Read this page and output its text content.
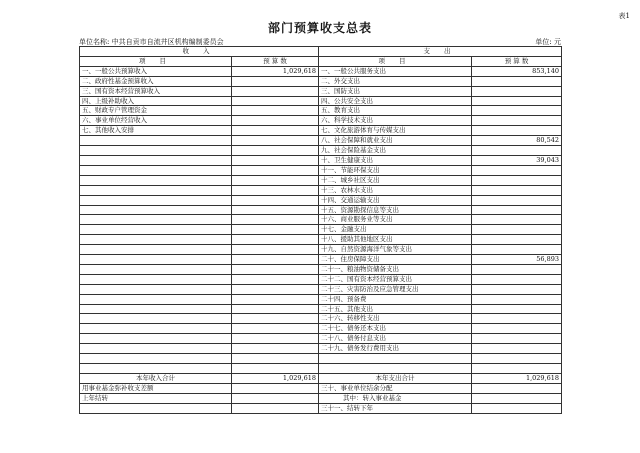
表1
部门预算收支总表
单位名称: 中共自贡市自流井区机构编制委员会	单位: 元
收 入		支 出	
项 目	预 算 数	项 目	预 算 数
一、一般公共预算收入	1,029,618	一、一般公共服务支出	853,140
二、政府性基金预算收入		二、外交支出	
三、国有资本经营预算收入		三、国防支出	
四、上级补助收入		四、公共安全支出	
五、财政专户管理资金		五、教育支出	
六、事业单位经营收入		六、科学技术支出	
七、其他收入安排		七、文化旅游体育与传媒支出	
		八、社会保障和就业支出	80,542
		九、社会保险基金支出	
		十、卫生健康支出	39,043
		十一、节能环保支出	
		十二、城乡社区支出	
		十三、农林水支出	
		十四、交通运输支出	
		十五、资源勘探信息等支出	
		十六、商业服务业等支出	
		十七、金融支出	
		十八、援助其他地区支出	
		十九、自然资源海洋气象等支出	
		二十、住房保障支出	56,893
		二十一、粮油物资储备支出	
		二十二、国有资本经营预算支出	
		二十三、灾害防治及应急管理支出	
		二十四、预备费	
		二十五、其他支出	
		二十六、转移性支出	
		二十七、债务还本支出	
		二十八、债务付息支出	
		二十九、债务发行费用支出	

本年收入合计	1,029,618	本年支出合计	1,029,618
用事业基金弥补收支差额		三十、事业单位结余分配	
上年结转		其中：转入事业基金	
		三十一、结转下年	
